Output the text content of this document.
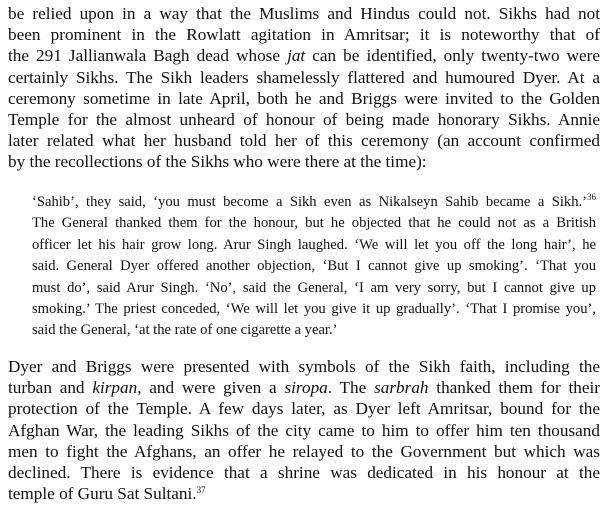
be relied upon in a way that the Muslims and Hindus could not. Sikhs had not
been prominent in the Rowlatt agitation in Amritsar; it is noteworthy that of
the 291 Jallianwala Bagh dead whose jat can be identified, only twenty-two were
certainly Sikhs. The Sikh leaders shamelessly flattered and humoured Dyer. At a
ceremony sometime in late April, both he and Briggs were invited to the Golden
Temple for the almost unheard of honour of being made honorary Sikhs. Annie
later related what her husband told her of this ceremony (an account confirmed
by the recollections of the Sikhs who were there at the time):

‘Sahib’, they said, ‘you must become a Sikh even as Nikalseyn Sahib became a Sikh.’$^{36}$
The General thanked them for the honour, but he objected that he could not as a British
officer let his hair grow long. Arur Singh laughed. ‘We will let you off the long hair’, he
said. General Dyer offered another objection, ‘But I cannot give up smoking’. ‘That you
must do’, said Arur Singh. ‘No’, said the General, ‘I am very sorry, but I cannot give up
smoking.’ The priest conceded, ‘We will let you give it up gradually’. ‘That I promise you’,
said the General, ‘at the rate of one cigarette a year.’

Dyer and Briggs were presented with symbols of the Sikh faith, including the
turban and kirpan, and were given a siropa. The sarbrah thanked them for their
protection of the Temple. A few days later, as Dyer left Amritsar, bound for the
Afghan War, the leading Sikhs of the city came to him to offer him ten thousand
men to fight the Afghans, an offer he relayed to the Government but which was
declined. There is evidence that a shrine was dedicated in his honour at the
temple of Guru Sat Sultani.$^{37}$
